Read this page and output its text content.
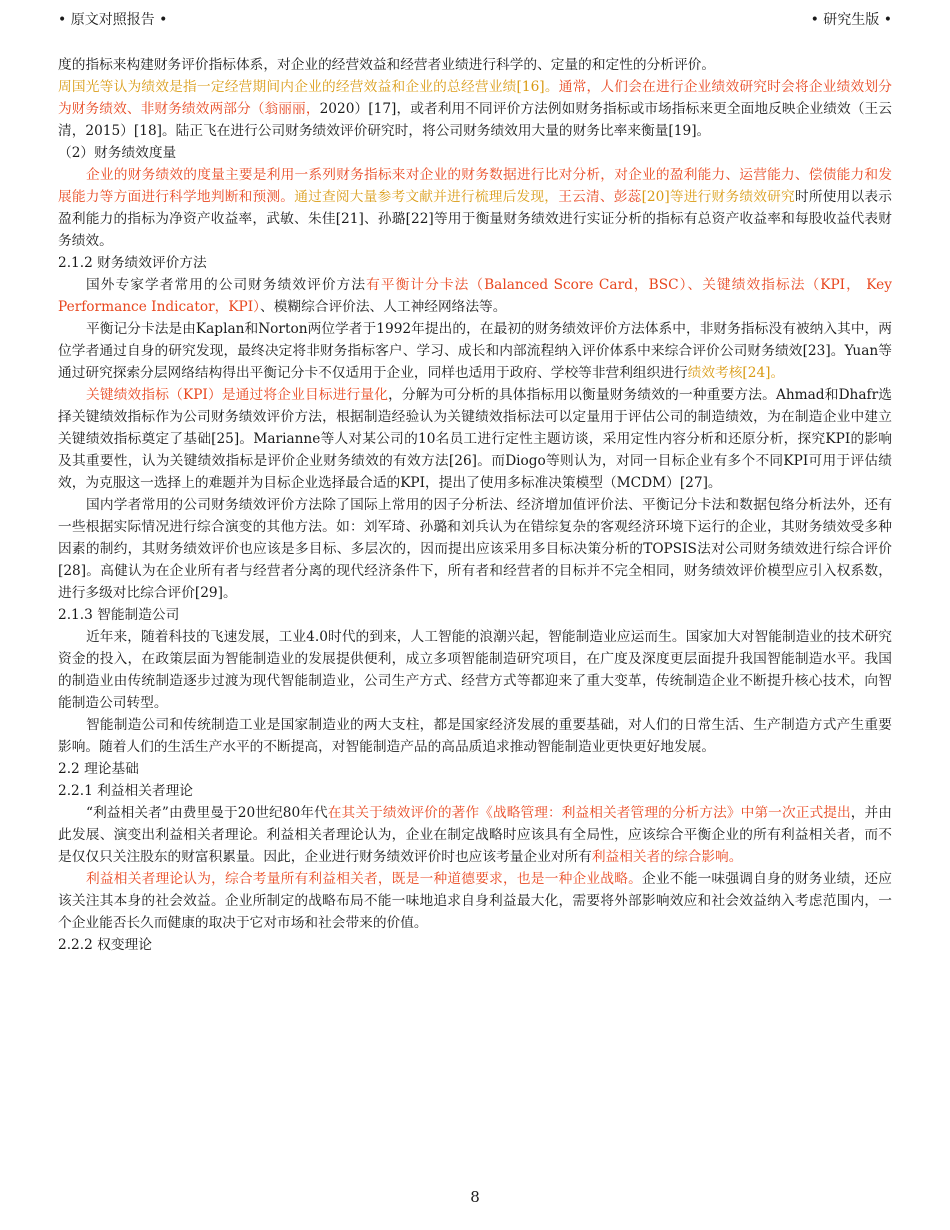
• 原文对照报告 •	• 研究生版 •

度的指标来构建财务评价指标体系，对企业的经营效益和经营者业绩进行科学的、定量的和定性的分析评价。

周国光等认为绩效是指一定经营期间内企业的经营效益和企业的总经营业绩[16]。通常，人们会在进行企业绩效研究时会将企业绩效划分为财务绩效、非财务绩效两部分（翁丽丽，2020）[17]，或者利用不同评价方法例如财务指标或市场指标来更全面地反映企业绩效（王云清，2015）[18]。陆正飞在进行公司财务绩效评价研究时，将公司财务绩效用大量的财务比率来衡量[19]。

（2）财务绩效度量

企业的财务绩效的度量主要是利用一系列财务指标来对企业的财务数据进行比对分析，对企业的盈利能力、运营能力、偿债能力和发展能力等方面进行科学地判断和预测。通过查阅大量参考文献并进行梳理后发现，王云清、彭蕊[20]等进行财务绩效研究时所使用以表示盈利能力的指标为净资产收益率，武敏、朱佳[21]、孙璐[22]等用于衡量财务绩效进行实证分析的指标有总资产收益率和每股收益代表财务绩效。

2.1.2 财务绩效评价方法

国外专家学者常用的公司财务绩效评价方法有平衡计分卡法（Balanced Score Card，BSC）、关键绩效指标法（KPI， Key Performance Indicator，KPI）、模糊综合评价法、人工神经网络法等。

平衡记分卡法是由Kaplan和Norton两位学者于1992年提出的，在最初的财务绩效评价方法体系中，非财务指标没有被纳入其中，两位学者通过自身的研究发现，最终决定将非财务指标客户、学习、成长和内部流程纳入评价体系中来综合评价公司财务绩效[23]。Yuan等通过研究探索分层网络结构得出平衡记分卡不仅适用于企业，同样也适用于政府、学校等非营利组织进行绩效考核[24]。

关键绩效指标（KPI）是通过将企业目标进行量化，分解为可分析的具体指标用以衡量财务绩效的一种重要方法。Ahmad和Dhafr选择关键绩效指标作为公司财务绩效评价方法，根据制造经验认为关键绩效指标法可以定量用于评估公司的制造绩效，为在制造企业中建立关键绩效指标奠定了基础[25]。Marianne等人对某公司的10名员工进行定性主题访谈，采用定性内容分析和还原分析，探究KPI的影响及其重要性，认为关键绩效指标是评价企业财务绩效的有效方法[26]。而Diogo等则认为，对同一目标企业有多个不同KPI可用于评估绩效，为克服这一选择上的难题并为目标企业选择最合适的KPI，提出了使用多标准决策模型（MCDM）[27]。

国内学者常用的公司财务绩效评价方法除了国际上常用的因子分析法、经济增加值评价法、平衡记分卡法和数据包络分析法外，还有一些根据实际情况进行综合演变的其他方法。如：刘军琦、孙璐和刘兵认为在错综复杂的客观经济环境下运行的企业，其财务绩效受多种因素的制约，其财务绩效评价也应该是多目标、多层次的，因而提出应该采用多目标决策分析的TOPSIS法对公司财务绩效进行综合评价[28]。高健认为在企业所有者与经营者分离的现代经济条件下，所有者和经营者的目标并不完全相同，财务绩效评价模型应引入权系数，进行多级对比综合评价[29]。

2.1.3 智能制造公司

近年来，随着科技的飞速发展，工业4.0时代的到来，人工智能的浪潮兴起，智能制造业应运而生。国家加大对智能制造业的技术研究资金的投入，在政策层面为智能制造业的发展提供便利，成立多项智能制造研究项目，在广度及深度更层面提升我国智能制造水平。我国的制造业由传统制造逐步过渡为现代智能制造业，公司生产方式、经营方式等都迎来了重大变革，传统制造企业不断提升核心技术，向智能制造公司转型。

智能制造公司和传统制造工业是国家制造业的两大支柱，都是国家经济发展的重要基础，对人们的日常生活、生产制造方式产生重要影响。随着人们的生活生产水平的不断提高，对智能制造产品的高品质追求推动智能制造业更快更好地发展。

2.2 理论基础

2.2.1 利益相关者理论

“利益相关者”由费里曼于20世纪80年代在其关于绩效评价的著作《战略管理：利益相关者管理的分析方法》中第一次正式提出，并由此发展、演变出利益相关者理论。利益相关者理论认为，企业在制定战略时应该具有全局性，应该综合平衡企业的所有利益相关者，而不是仅仅只关注股东的财富积累量。因此，企业进行财务绩效评价时也应该考量企业对所有利益相关者的综合影响。

利益相关者理论认为，综合考量所有利益相关者，既是一种道德要求，也是一种企业战略。企业不能一味强调自身的财务业绩，还应该关注其本身的社会效益。企业所制定的战略布局不能一味地追求自身利益最大化，需要将外部影响效应和社会效益纳入考虑范围内，一个企业能否长久而健康的取决于它对市场和社会带来的价值。

2.2.2 权变理论

8
